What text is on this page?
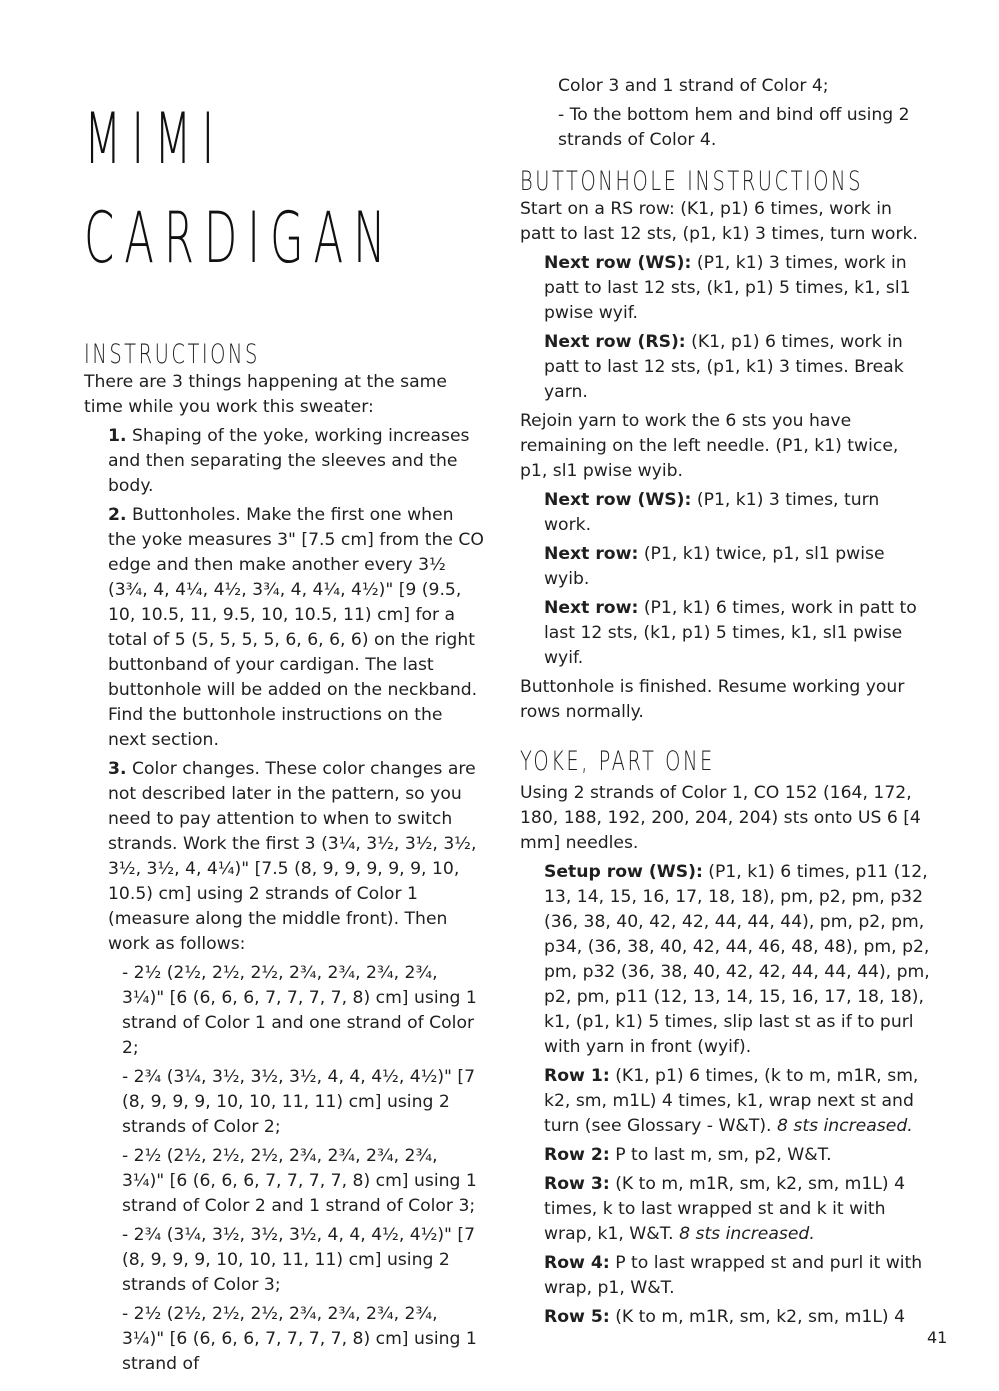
MIMI
CARDIGAN
INSTRUCTIONS

There are 3 things happening at the same time while you work this sweater:

1. Shaping of the yoke, working increases and then separating the sleeves and the body.

2. Buttonholes. Make the first one when the yoke measures 3" [7.5 cm] from the CO edge and then make another every 3½ (3¾, 4, 4¼, 4½, 3¾, 4, 4¼, 4½)" [9 (9.5, 10, 10.5, 11, 9.5, 10, 10.5, 11) cm] for a total of 5 (5, 5, 5, 5, 6, 6, 6, 6) on the right buttonband of your cardigan. The last buttonhole will be added on the neckband. Find the buttonhole instructions on the next section.

3. Color changes. These color changes are not described later in the pattern, so you need to pay attention to when to switch strands. Work the first 3 (3¼, 3½, 3½, 3½, 3½, 3½, 4, 4¼)" [7.5 (8, 9, 9, 9, 9, 9, 10, 10.5) cm] using 2 strands of Color 1 (measure along the middle front). Then work as follows:

- 2½ (2½, 2½, 2½, 2¾, 2¾, 2¾, 2¾, 3¼)" [6 (6, 6, 6, 7, 7, 7, 7, 8) cm] using 1 strand of Color 1 and one strand of Color 2;

- 2¾ (3¼, 3½, 3½, 3½, 4, 4, 4½, 4½)" [7 (8, 9, 9, 9, 10, 10, 11, 11) cm] using 2 strands of Color 2;

- 2½ (2½, 2½, 2½, 2¾, 2¾, 2¾, 2¾, 3¼)" [6 (6, 6, 6, 7, 7, 7, 7, 8) cm] using 1 strand of Color 2 and 1 strand of Color 3;

- 2¾ (3¼, 3½, 3½, 3½, 4, 4, 4½, 4½)" [7 (8, 9, 9, 9, 10, 10, 11, 11) cm] using 2 strands of Color 3;

- 2½ (2½, 2½, 2½, 2¾, 2¾, 2¾, 2¾, 3¼)" [6 (6, 6, 6, 7, 7, 7, 7, 8) cm] using 1 strand of

Color 3 and 1 strand of Color 4;

- To the bottom hem and bind off using 2 strands of Color 4.

BUTTONHOLE INSTRUCTIONS

Start on a RS row: (K1, p1) 6 times, work in patt to last 12 sts, (p1, k1) 3 times, turn work.

Next row (WS): (P1, k1) 3 times, work in patt to last 12 sts, (k1, p1) 5 times, k1, sl1 pwise wyif.

Next row (RS): (K1, p1) 6 times, work in patt to last 12 sts, (p1, k1) 3 times. Break yarn.

Rejoin yarn to work the 6 sts you have remaining on the left needle. (P1, k1) twice, p1, sl1 pwise wyib.

Next row (WS): (P1, k1) 3 times, turn work.

Next row: (P1, k1) twice, p1, sl1 pwise wyib.

Next row: (P1, k1) 6 times, work in patt to last 12 sts, (k1, p1) 5 times, k1, sl1 pwise wyif.

Buttonhole is finished. Resume working your rows normally.

YOKE, PART ONE

Using 2 strands of Color 1, CO 152 (164, 172, 180, 188, 192, 200, 204, 204) sts onto US 6 [4 mm] needles.

Setup row (WS): (P1, k1) 6 times, p11 (12, 13, 14, 15, 16, 17, 18, 18), pm, p2, pm, p32 (36, 38, 40, 42, 42, 44, 44, 44), pm, p2, pm, p34, (36, 38, 40, 42, 44, 46, 48, 48), pm, p2, pm, p32 (36, 38, 40, 42, 42, 44, 44, 44), pm, p2, pm, p11 (12, 13, 14, 15, 16, 17, 18, 18), k1, (p1, k1) 5 times, slip last st as if to purl with yarn in front (wyif).

Row 1: (K1, p1) 6 times, (k to m, m1R, sm, k2, sm, m1L) 4 times, k1, wrap next st and turn (see Glossary - W&T). 8 sts increased.

Row 2: P to last m, sm, p2, W&T.

Row 3: (K to m, m1R, sm, k2, sm, m1L) 4 times, k to last wrapped st and k it with wrap, k1, W&T. 8 sts increased.

Row 4: P to last wrapped st and purl it with wrap, p1, W&T.

Row 5: (K to m, m1R, sm, k2, sm, m1L) 4

41
